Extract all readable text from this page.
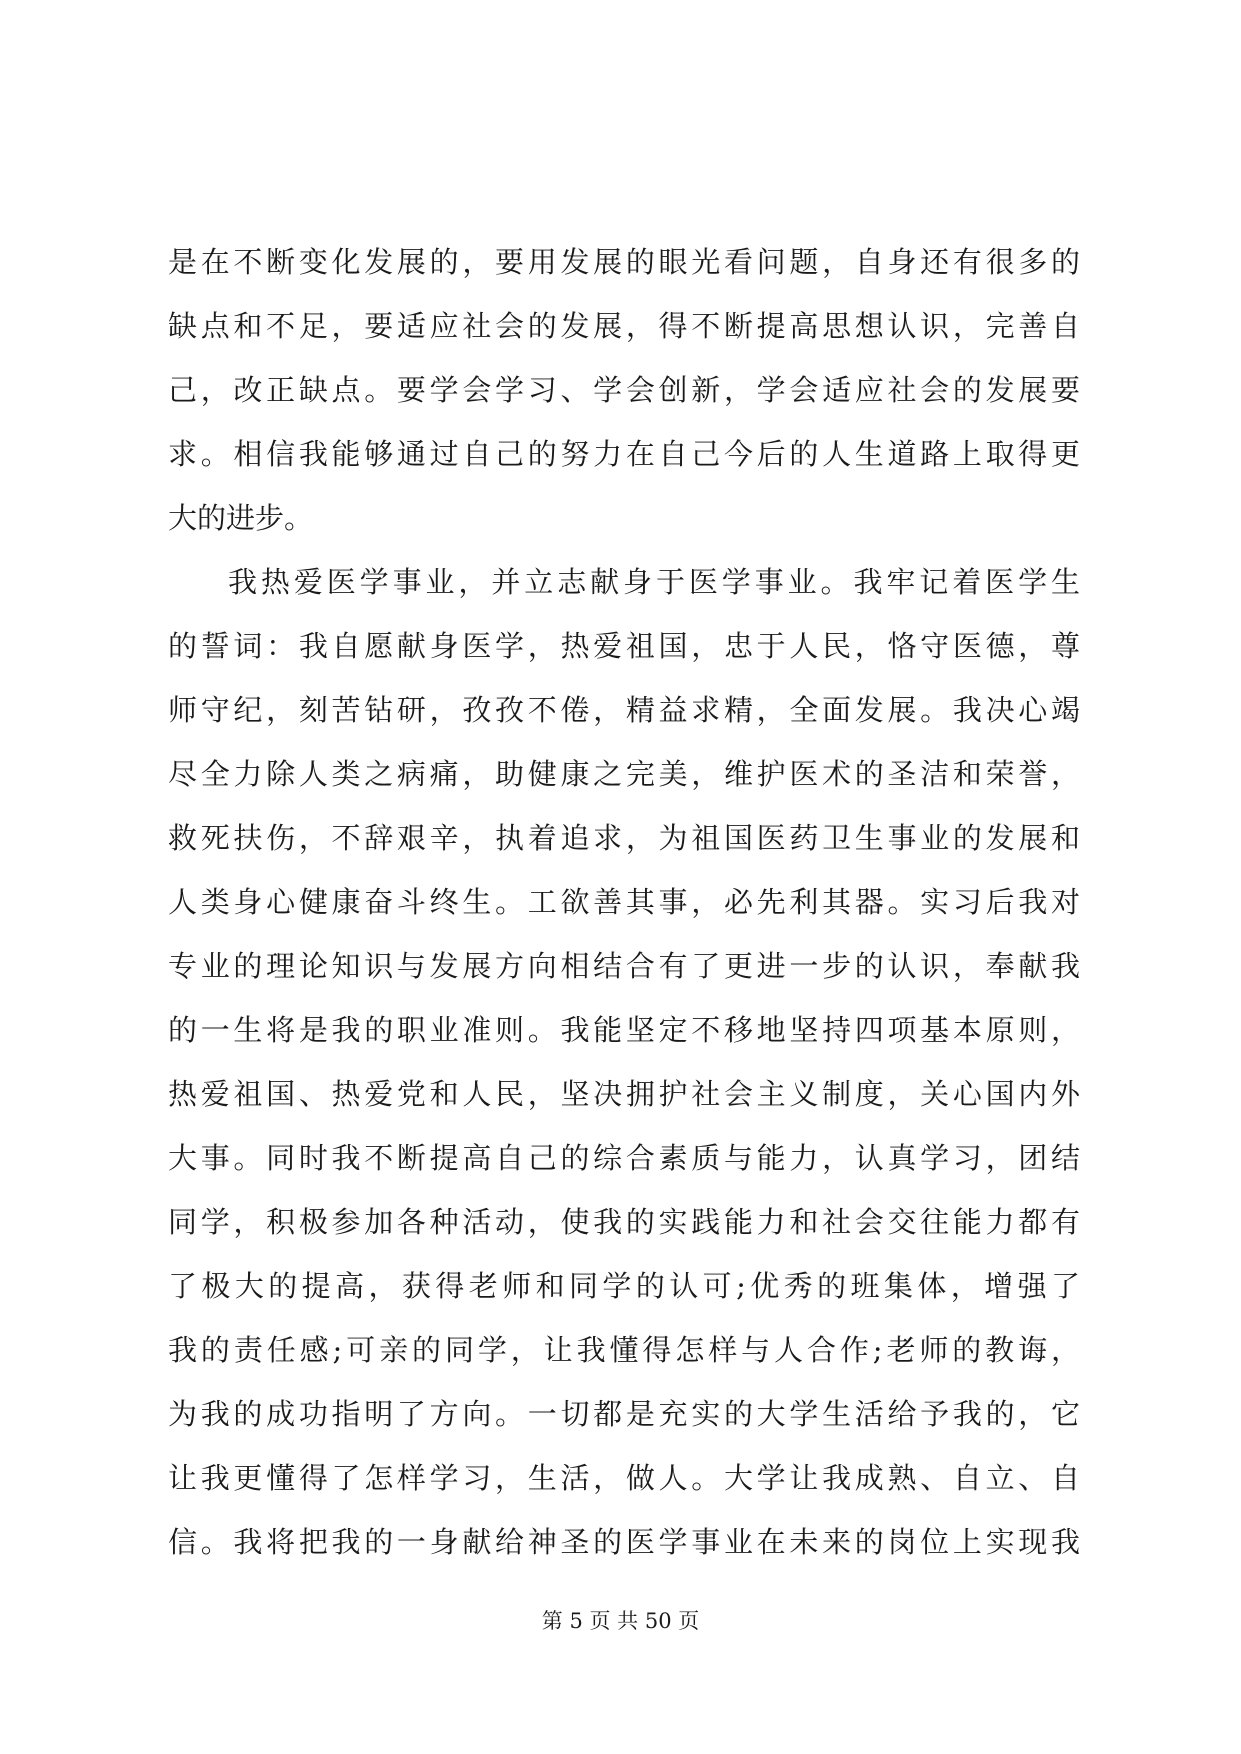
是在不断变化发展的，要用发展的眼光看问题，自身还有很多的
缺点和不足，要适应社会的发展，得不断提高思想认识，完善自
己，改正缺点。要学会学习、学会创新，学会适应社会的发展要
求。相信我能够通过自己的努力在自己今后的人生道路上取得更
大的进步。
我热爱医学事业，并立志献身于医学事业。我牢记着医学生
的誓词：我自愿献身医学，热爱祖国，忠于人民，恪守医德，尊
师守纪，刻苦钻研，孜孜不倦，精益求精，全面发展。我决心竭
尽全力除人类之病痛，助健康之完美，维护医术的圣洁和荣誉，
救死扶伤，不辞艰辛，执着追求，为祖国医药卫生事业的发展和
人类身心健康奋斗终生。工欲善其事，必先利其器。实习后我对
专业的理论知识与发展方向相结合有了更进一步的认识，奉献我
的一生将是我的职业准则。我能坚定不移地坚持四项基本原则，
热爱祖国、热爱党和人民，坚决拥护社会主义制度，关心国内外
大事。同时我不断提高自己的综合素质与能力，认真学习，团结
同学，积极参加各种活动，使我的实践能力和社会交往能力都有
了极大的提高，获得老师和同学的认可;优秀的班集体，增强了
我的责任感;可亲的同学，让我懂得怎样与人合作;老师的教诲，
为我的成功指明了方向。一切都是充实的大学生活给予我的，它
让我更懂得了怎样学习，生活，做人。大学让我成熟、自立、自
信。我将把我的一身献给神圣的医学事业在未来的岗位上实现我
第 5 页 共 50 页
